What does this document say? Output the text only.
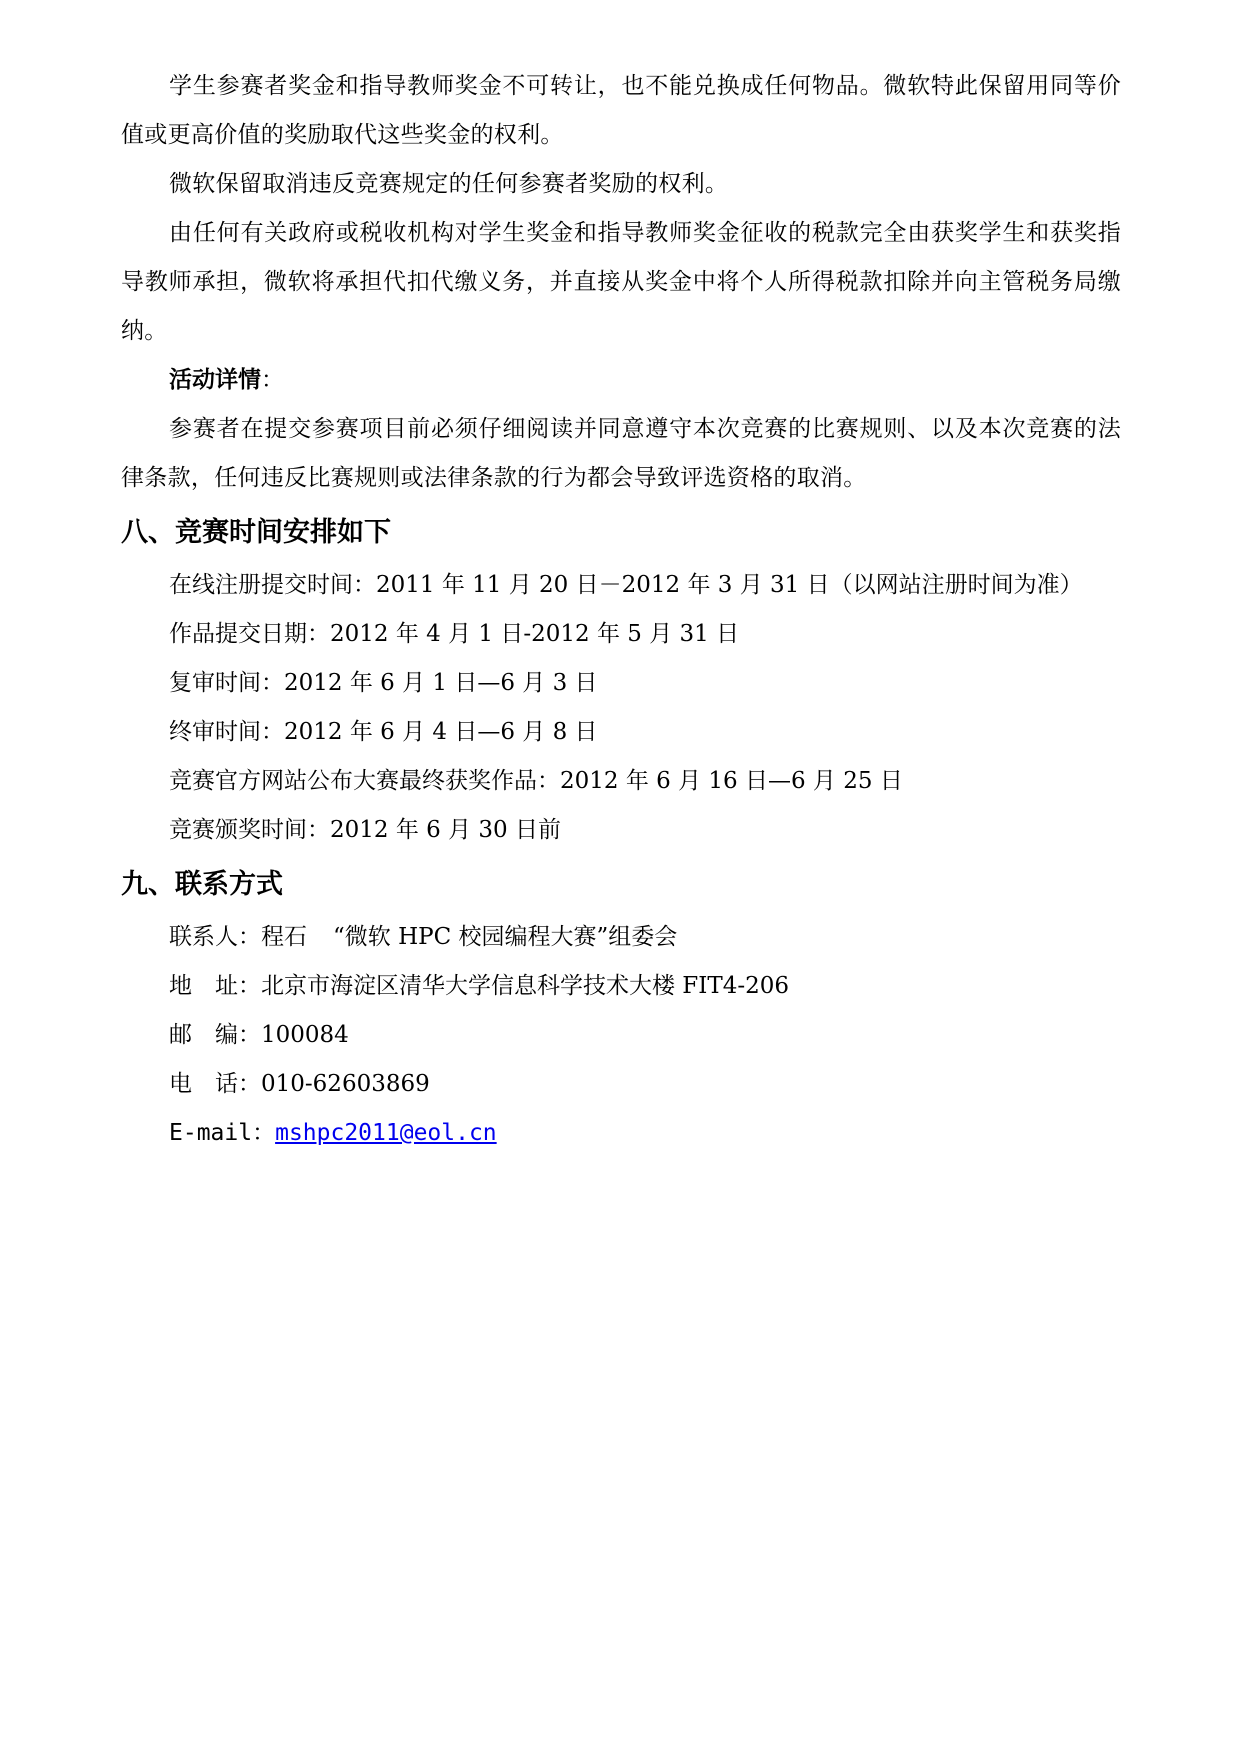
学生参赛者奖金和指导教师奖金不可转让，也不能兑换成任何物品。微软特此保留用同等价值或更高价值的奖励取代这些奖金的权利。

微软保留取消违反竞赛规定的任何参赛者奖励的权利。

由任何有关政府或税收机构对学生奖金和指导教师奖金征收的税款完全由获奖学生和获奖指导教师承担，微软将承担代扣代缴义务，并直接从奖金中将个人所得税款扣除并向主管税务局缴纳。

活动详情：

参赛者在提交参赛项目前必须仔细阅读并同意遵守本次竞赛的比赛规则、以及本次竞赛的法律条款，任何违反比赛规则或法律条款的行为都会导致评选资格的取消。

八、竞赛时间安排如下

在线注册提交时间：2011 年 11 月 20 日－2012 年 3 月 31 日（以网站注册时间为准）

作品提交日期：2012 年 4 月 1 日-2012 年 5 月 31 日

复审时间：2012 年 6 月 1 日—6 月 3 日

终审时间：2012 年 6 月 4 日—6 月 8 日

竞赛官方网站公布大赛最终获奖作品：2012 年 6 月 16 日—6 月 25 日

竞赛颁奖时间：2012 年 6 月 30 日前

九、联系方式

联系人：程石 “微软 HPC 校园编程大赛”组委会

地　址：北京市海淀区清华大学信息科学技术大楼 FIT4-206

邮　编：100084

电　话：010-62603869

E-mail：mshpc2011@eol.cn
